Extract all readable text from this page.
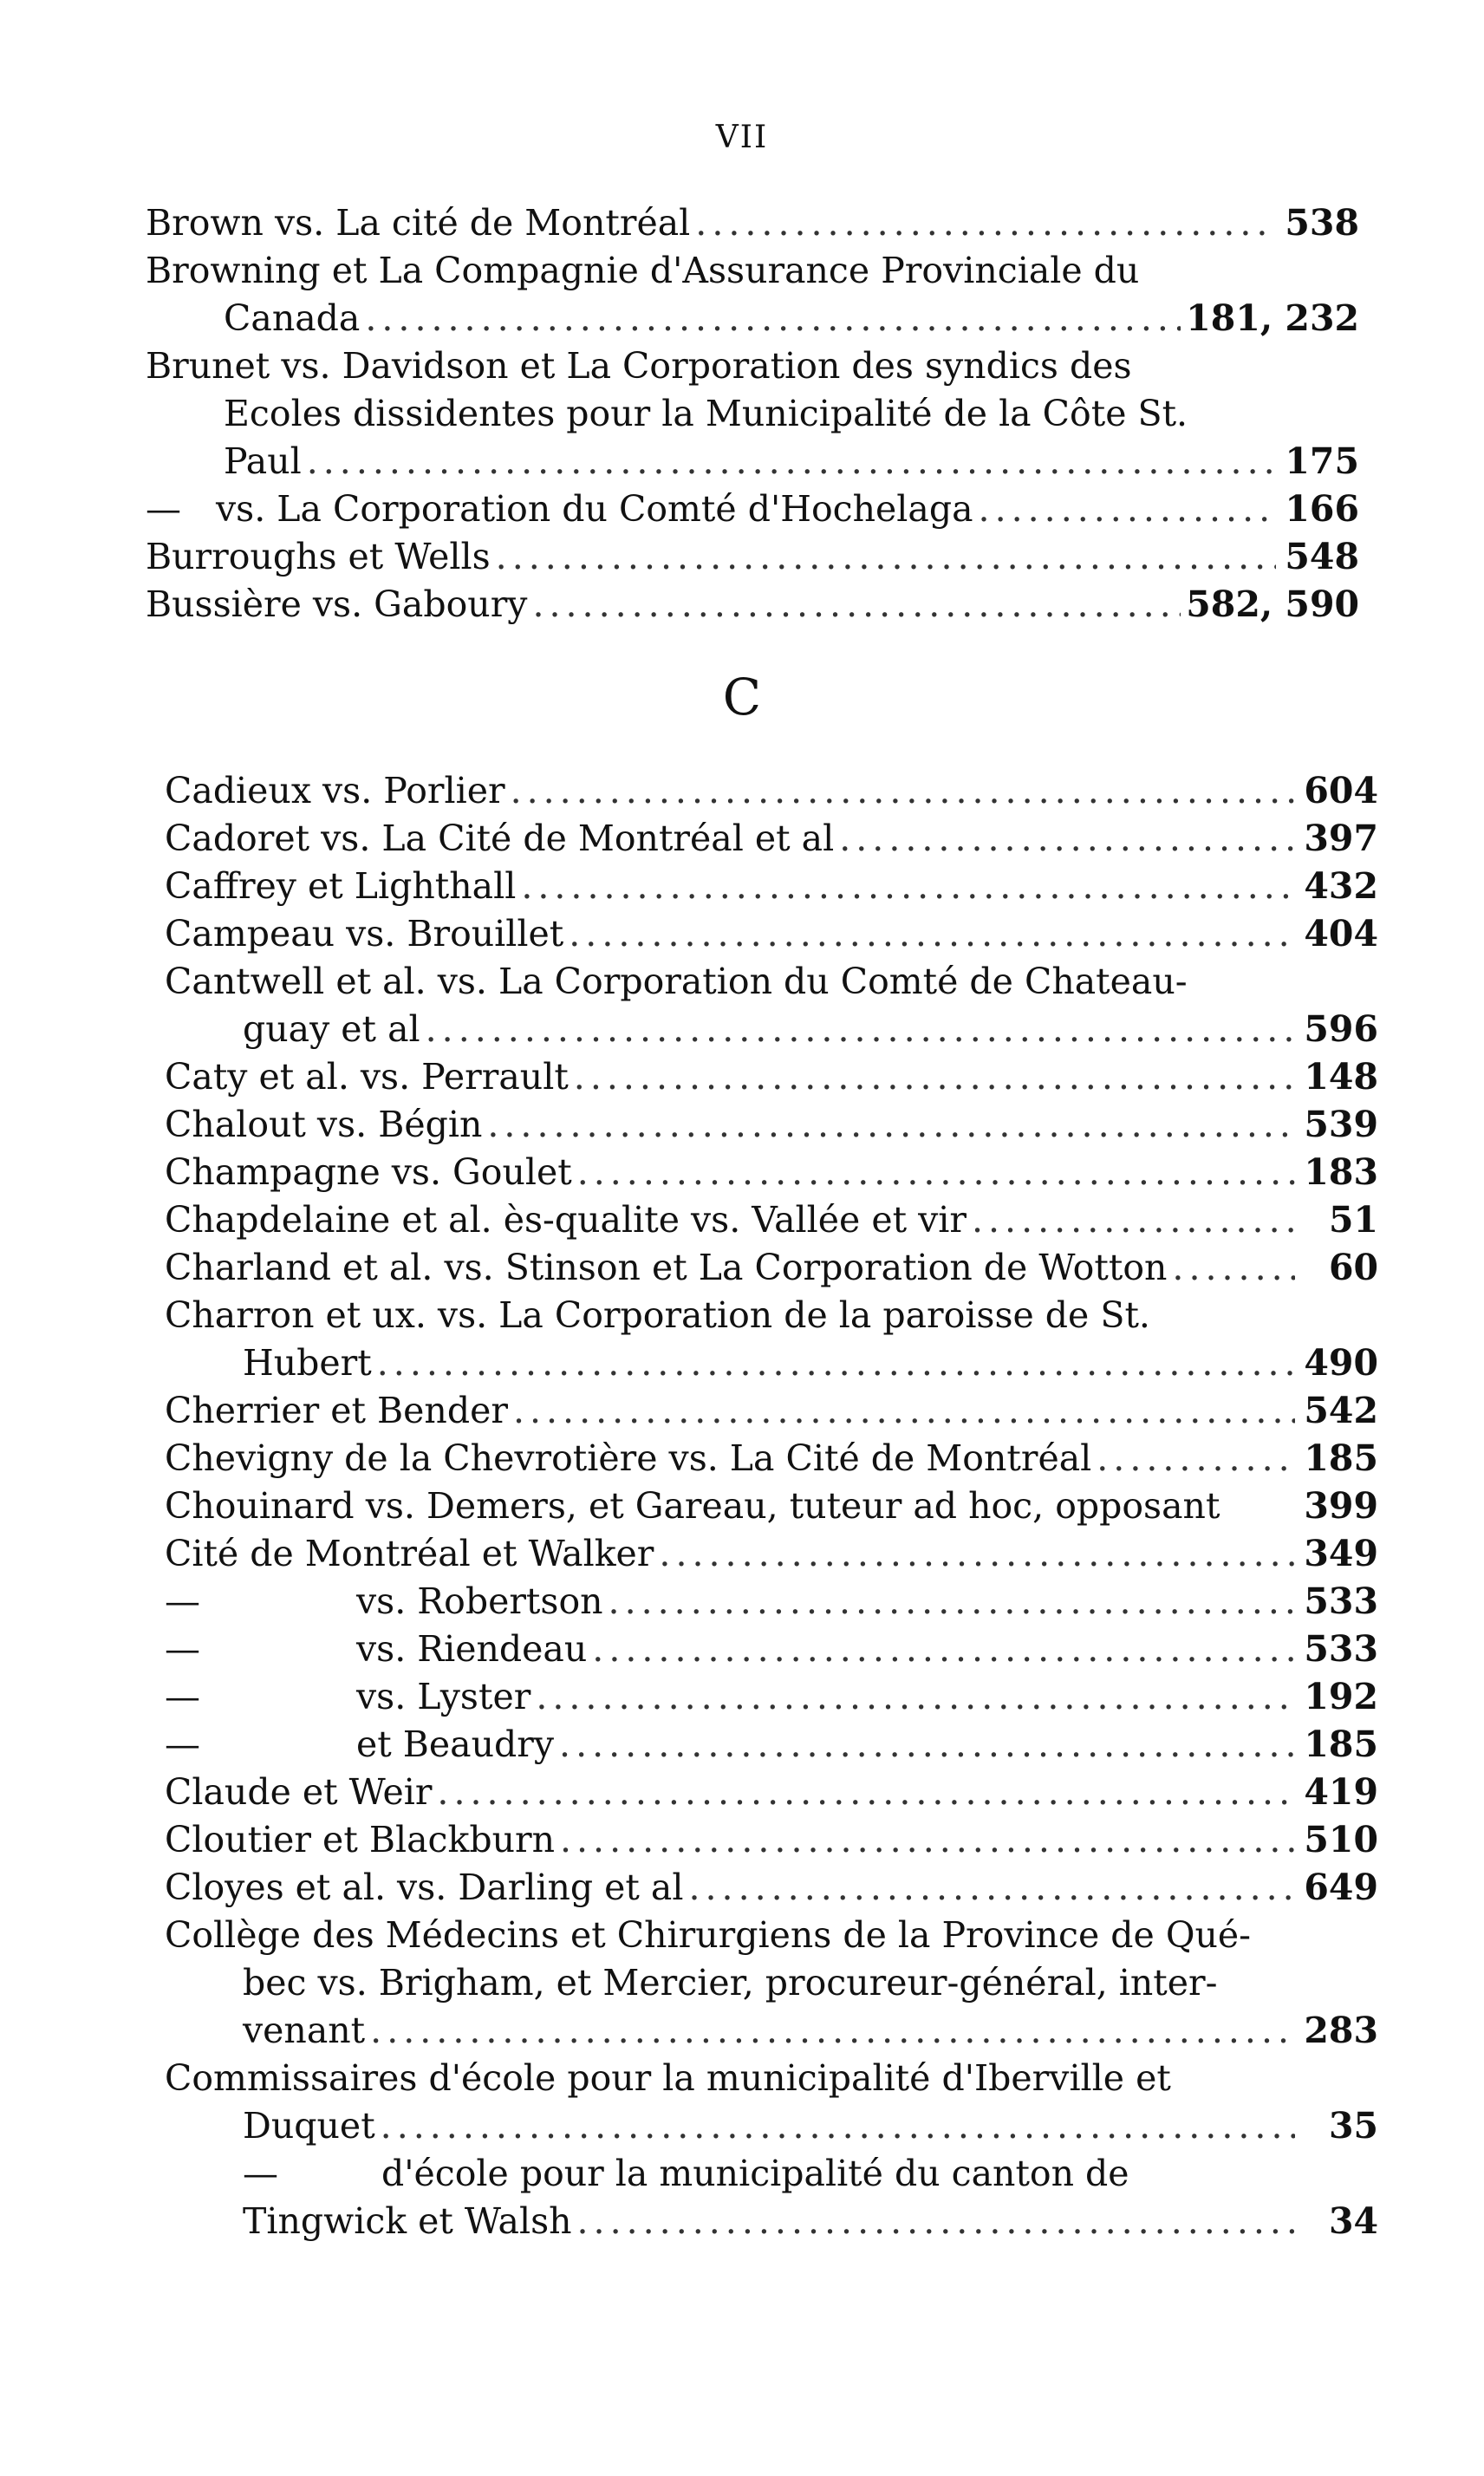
VII
Brown vs. La cité de Montréal .....	538
Browning et La Compagnie d'Assurance Provinciale du
Canada .....	181, 232
Brunet vs. Davidson et La Corporation des syndics des
Ecoles dissidentes pour la Municipalité de la Côte St.
Paul .....	175
— vs. La Corporation du Comté d'Hochelaga .....	166
Burroughs et Wells .....	548
Bussière vs. Gaboury .....	582, 590
C
Cadieux vs. Porlier .....	604
Cadoret vs. La Cité de Montréal et al .....	397
Caffrey et Lighthall .....	432
Campeau vs. Brouillet .....	404
Cantwell et al. vs. La Corporation du Comté de Chateau-
guay et al .....	596
Caty et al. vs. Perrault .....	148
Chalout vs. Bégin .....	539
Champagne vs. Goulet .....	183
Chapdelaine et al. ès-qualite vs. Vallée et vir .....	51
Charland et al. vs. Stinson et La Corporation de Wotton .....	60
Charron et ux. vs. La Corporation de la paroisse de St.
Hubert .....	490
Cherrier et Bender .....	542
Chevigny de la Chevrotière vs. La Cité de Montréal .....	185
Chouinard vs. Demers, et Gareau, tuteur ad hoc, opposant 399
Cité de Montréal et Walker .....	349
—	vs. Robertson .....	533
—	vs. Riendeau .....	533
—	vs. Lyster .....	192
—	et Beaudry .....	185
Claude et Weir .....	419
Cloutier et Blackburn .....	510
Cloyes et al. vs. Darling et al .....	649
Collège des Médecins et Chirurgiens de la Province de Qué-
bec vs. Brigham, et Mercier, procureur-général, inter-
venant .....	283
Commissaires d'école pour la municipalité d'Iberville et
Duquet .....	35
—	d'école pour la municipalité du canton de
Tingwick et Walsh .....	34
